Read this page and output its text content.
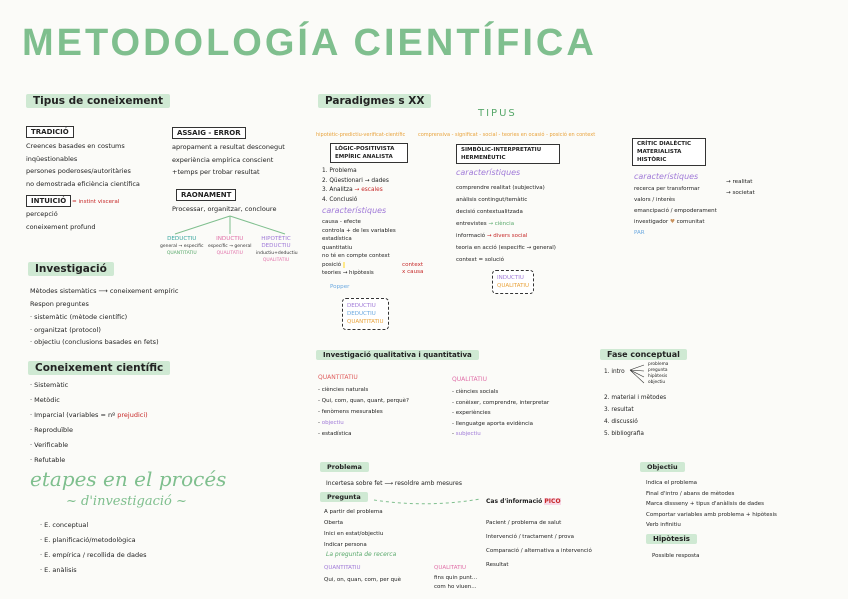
METODOLOGÍA CIENTÍFICA
Tipus de coneixement
TRADICIÓ
Creences basades en costums
inqüestionables
persones poderoses/autoritàries
no demostrada eficiència científica
INTUICIÓ	= instint visceral
percepció
coneixement profund
ASSAIG - ERROR
apropament a resultat desconegut
experiència empírica conscient
+temps per trobar resultat
RAONAMENT
Processar, organitzar, concloure
DEDUCTIU
general → específic
QUANTITATIU
INDUCTIU
específic → general
QUALITATIU
HIPOTÈTIC DEDUCTIU
inductiu+deductiu
QUALITATIU
Investigació
Mètodes sistemàtics ⟶ coneixement empíric
Respon preguntes
· sistemàtic (mètode científic)
· organitzat (protocol)
· objectiu (conclusions basades en fets)
Coneixement científic
· Sistemàtic
· Metòdic
· Imparcial (variables = nº prejudici)
· Reproduïble
· Verificable
· Refutable
etapes en el procés
~ d'investigació ~
· E. conceptual
· E. planificació/metodològica
· E. empírica / recollida de dades
· E. anàlisis
Paradigmes s XX
TIPUS
hipotètic-predictiu-verificat-científic
LÒGIC-POSITIVISTA EMPÍRIC ANALISTA
1. Problema
2. Qüestionari → dades
3. Analitza → escales
4. Conclusió
característiques
causa - efecte
controla + de les variables
estadística
quantitatiu
no té en compte context
posició
teories → hipòtesis
context
x causa
Popper
DEDUCTIU
DEDUCTIU
QUANTITATIU
comprensiva - significat - social - teories en ocasió - posició en context
SIMBÒLIC-INTERPRETATIU HERMENÈUTIC
característiques
comprendre realitat (subjectiva)
anàlisis contingut/temàtic
decisió contextualitzada
entrevistes → ciència
informació → divers social
teoria en acció (especific → general)
context = solució
INDUCTIU
QUALITATIU
CRÍTIC DIALÈCTIC MATERIALISTA HISTÒRIC
característiques
recerca per transformar
valors / interès
emancipació / empoderament
investigador ♥ comunitat
PAR
→ realitat
→ societat
Investigació qualitativa i quantitativa
QUANTITATIU
- ciències naturals
- Qui, com, quan, quant, perquè?
- fenòmens mesurables
- objectiu
- estadística
QUALITATIU
- ciències socials
- conèixer, comprendre, interpretar
- experiències
- llenguatge aporta evidència
- subjectiu
Fase conceptual
1. intro
problema
pregunta
hipòtesis
objectiu
2. material i mètodes
3. resultat
4. discussió
5. bibliografia
Problema
Incertesa sobre fet ⟶ resoldre amb mesures
Pregunta
A partir del problema
Oberta
Inici en estat/objectiu
Indicar persona
La pregunta de recerca
QUANTITATIU
Qui, on, quan, com, per què
QUALITATIU
fins quin punt...
com ho viuen...
Cas d'informació PICO
Pacient / problema de salut
Intervenció / tractament / prova
Comparació / alternativa a intervenció
Resultat
Objectiu
Indica el problema
Final d'intro / abans de mètodes
Marca dissseny + tipus d'anàlisis de dades
Comportar variables amb problema + hipòtesis
Verb infinitiu
Hipòtesis
Possible resposta
